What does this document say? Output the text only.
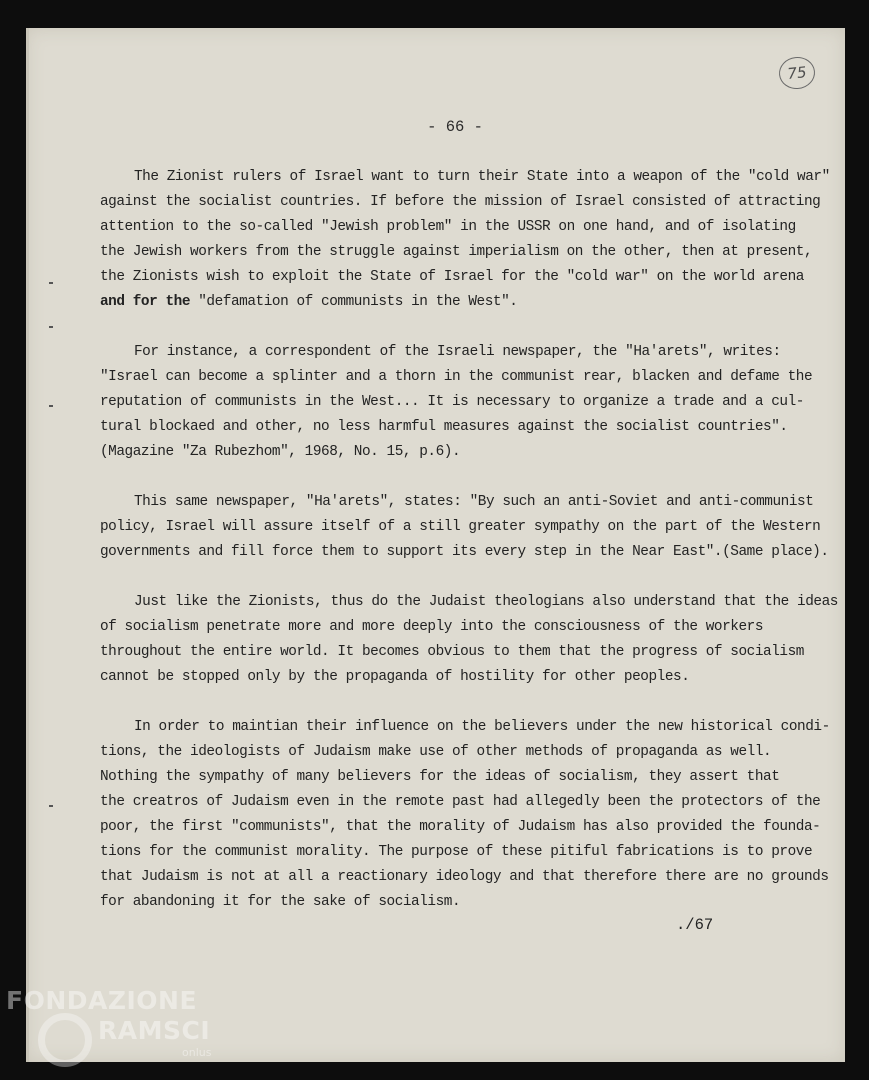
75
- 66 -
The Zionist rulers of Israel want to turn their State into a weapon of the "cold war"
against the socialist countries. If before the mission of Israel consisted of attracting
attention to the so-called "Jewish problem" in the USSR on one hand, and of isolating
the Jewish workers from the struggle against imperialism on the other, then at present,
the Zionists wish to exploit the State of Israel for the "cold war" on the world arena
and for the "defamation of communists in the West".
For instance, a correspondent of the Israeli newspaper, the "Ha'arets", writes:
"Israel can become a splinter and a thorn in the communist rear, blacken and defame the
reputation of communists in the West... It is necessary to organize a trade and a cul-
tural blockaed and other, no less harmful measures against the socialist countries".
(Magazine "Za Rubezhom", 1968, No. 15, p.6).
This same newspaper, "Ha'arets", states: "By such an anti-Soviet and anti-communist
policy, Israel will assure itself of a still greater sympathy on the part of the Western
governments and fill force them to support its every step in the Near East".(Same place).
Just like the Zionists, thus do the Judaist theologians also understand that the ideas
of socialism penetrate more and more deeply into the consciousness of the workers
throughout the entire world. It becomes obvious to them that the progress of socialism
cannot be stopped only by the propaganda of hostility for other peoples.
In order to maintian their influence on the believers under the new historical condi-
tions, the ideologists of Judaism make use of other methods of propaganda as well.
Nothing the sympathy of many believers for the ideas of socialism, they assert that
the creatros of Judaism even in the remote past had allegedly been the protectors of the
poor, the first "communists", that the morality of Judaism has also provided the founda-
tions for the communist morality. The purpose of these pitiful fabrications is to prove
that Judaism is not at all a reactionary ideology and that therefore there are no grounds
for abandoning it for the sake of socialism.
./67
FONDAZIONE
RAMSCI
onlus
